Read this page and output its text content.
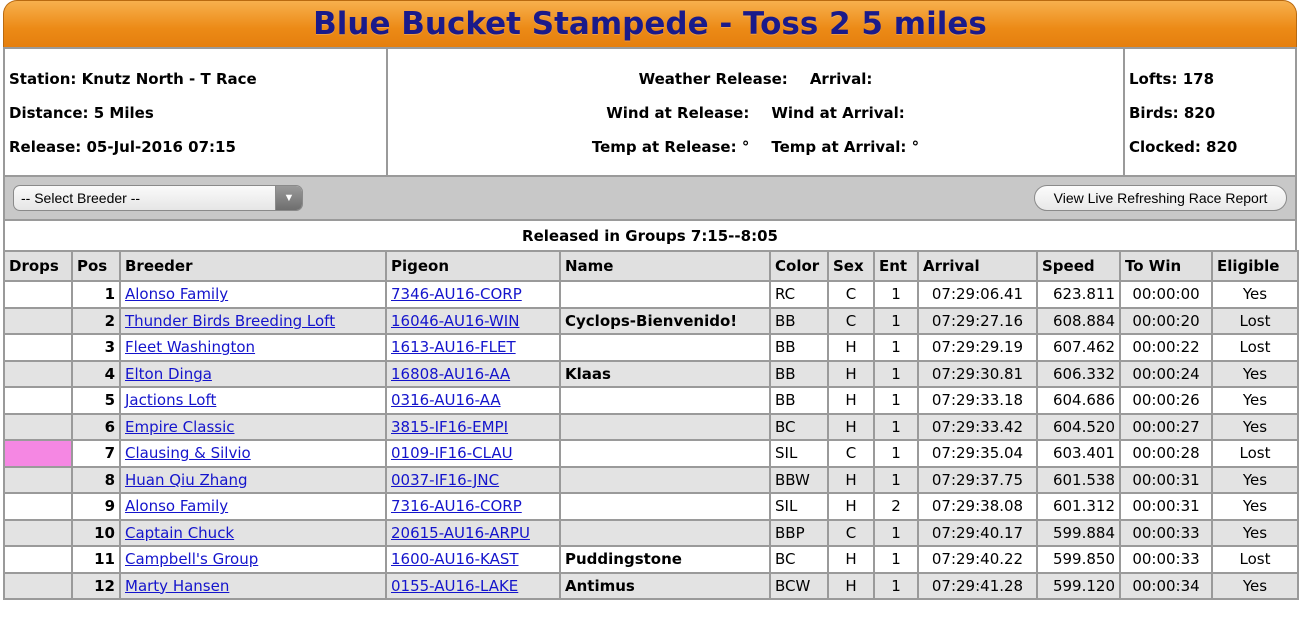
Blue Bucket Stampede - Toss 2 5 miles
Station: Knutz North - T Race
Distance: 5 Miles
Release: 05-Jul-2016 07:15
Weather Release: Arrival:
Wind at Release: Wind at Arrival:
Temp at Release: ° Temp at Arrival: °
Lofts: 178
Birds: 820
Clocked: 820
-- Select Breeder --	▼	View Live Refreshing Race Report
Released in Groups 7:15--8:05
Drops	Pos	Breeder	Pigeon	Name	Color	Sex	Ent	Arrival	Speed	To Win	Eligible
	1	Alonso Family	7346-AU16-CORP		RC	C	1	07:29:06.41	623.811	00:00:00	Yes
	2	Thunder Birds Breeding Loft	16046-AU16-WIN	Cyclops-Bienvenido!	BB	C	1	07:29:27.16	608.884	00:00:20	Lost
	3	Fleet Washington	1613-AU16-FLET		BB	H	1	07:29:29.19	607.462	00:00:22	Lost
	4	Elton Dinga	16808-AU16-AA	Klaas	BB	H	1	07:29:30.81	606.332	00:00:24	Yes
	5	Jactions Loft	0316-AU16-AA		BB	H	1	07:29:33.18	604.686	00:00:26	Yes
	6	Empire Classic	3815-IF16-EMPI		BC	H	1	07:29:33.42	604.520	00:00:27	Yes
	7	Clausing & Silvio	0109-IF16-CLAU		SIL	C	1	07:29:35.04	603.401	00:00:28	Lost
	8	Huan Qiu Zhang	0037-IF16-JNC		BBW	H	1	07:29:37.75	601.538	00:00:31	Yes
	9	Alonso Family	7316-AU16-CORP		SIL	H	2	07:29:38.08	601.312	00:00:31	Yes
	10	Captain Chuck	20615-AU16-ARPU		BBP	C	1	07:29:40.17	599.884	00:00:33	Yes
	11	Campbell's Group	1600-AU16-KAST	Puddingstone	BC	H	1	07:29:40.22	599.850	00:00:33	Lost
	12	Marty Hansen	0155-AU16-LAKE	Antimus	BCW	H	1	07:29:41.28	599.120	00:00:34	Yes
